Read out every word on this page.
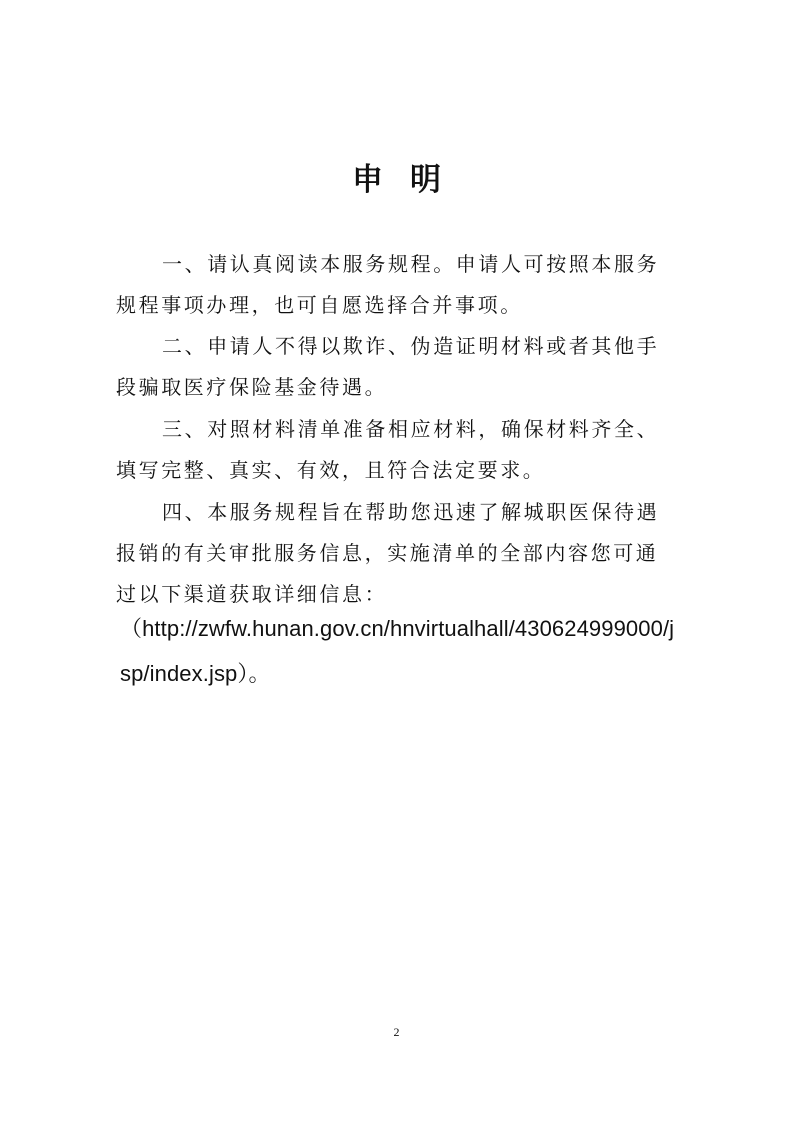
申明

一、请认真阅读本服务规程。申请人可按照本服务规程事项办理，也可自愿选择合并事项。

二、申请人不得以欺诈、伪造证明材料或者其他手段骗取医疗保险基金待遇。

三、对照材料清单准备相应材料，确保材料齐全、填写完整、真实、有效，且符合法定要求。

四、本服务规程旨在帮助您迅速了解城职医保待遇报销的有关审批服务信息，实施清单的全部内容您可通过以下渠道获取详细信息：

（http://zwfw.hunan.gov.cn/hnvirtualhall/430624999000/jsp/index.jsp）。

2
